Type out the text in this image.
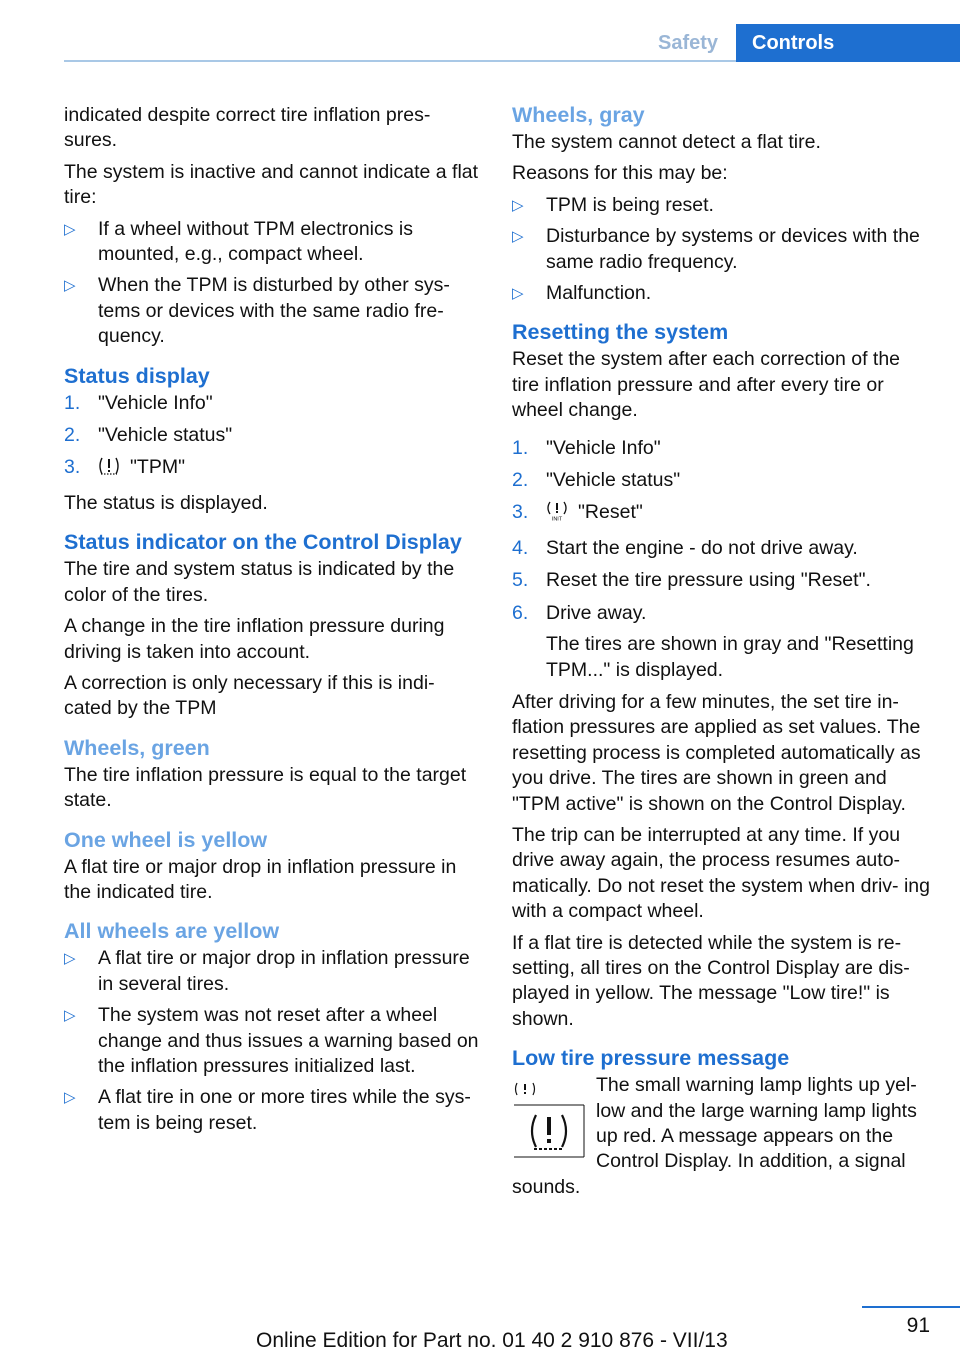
Safety	Controls

indicated despite correct tire inflation pres‐ sures.

The system is inactive and cannot indicate a flat tire:

▷ If a wheel without TPM electronics is mounted, e.g., compact wheel.
▷ When the TPM is disturbed by other sys‐ tems or devices with the same radio fre‐ quency.
Status display
1. "Vehicle Info"
2. "Vehicle status"
3.	"TPM"

The status is displayed.

Status indicator on the Control Display

The tire and system status is indicated by the color of the tires.

A change in the tire inflation pressure during driving is taken into account.

A correction is only necessary if this is indi‐ cated by the TPM

Wheels, green

The tire inflation pressure is equal to the target state.

One wheel is yellow

A flat tire or major drop in inflation pressure in the indicated tire.

All wheels are yellow
▷ A flat tire or major drop in inflation pressure in several tires.
▷ The system was not reset after a wheel change and thus issues a warning based on the inflation pressures initialized last.
▷ A flat tire in one or more tires while the sys‐ tem is being reset.
Wheels, gray

The system cannot detect a flat tire.

Reasons for this may be:

▷ TPM is being reset.
▷ Disturbance by systems or devices with the same radio frequency.
▷ Malfunction.
Resetting the system

Reset the system after each correction of the tire inflation pressure and after every tire or wheel change.

1. "Vehicle Info"
2. "Vehicle status"
3.	INIT "Reset"
4. Start the engine - do not drive away.
5. Reset the tire pressure using "Reset".
6. Drive away.
The tires are shown in gray and "Resetting TPM..." is displayed.

After driving for a few minutes, the set tire in‐ flation pressures are applied as set values. The resetting process is completed automatically as you drive. The tires are shown in green and "TPM active" is shown on the Control Display.

The trip can be interrupted at any time. If you drive away again, the process resumes auto‐ matically. Do not reset the system when driv‐ ing with a compact wheel.

If a flat tire is detected while the system is re‐ setting, all tires on the Control Display are dis‐ played in yellow. The message "Low tire!" is shown.

Low tire pressure message
The small warning lamp lights up yel‐ low and the large warning lamp lights up red. A message appears on the Control Display. In addition, a signal sounds.
91
Online Edition for Part no. 01 40 2 910 876 - VII/13
